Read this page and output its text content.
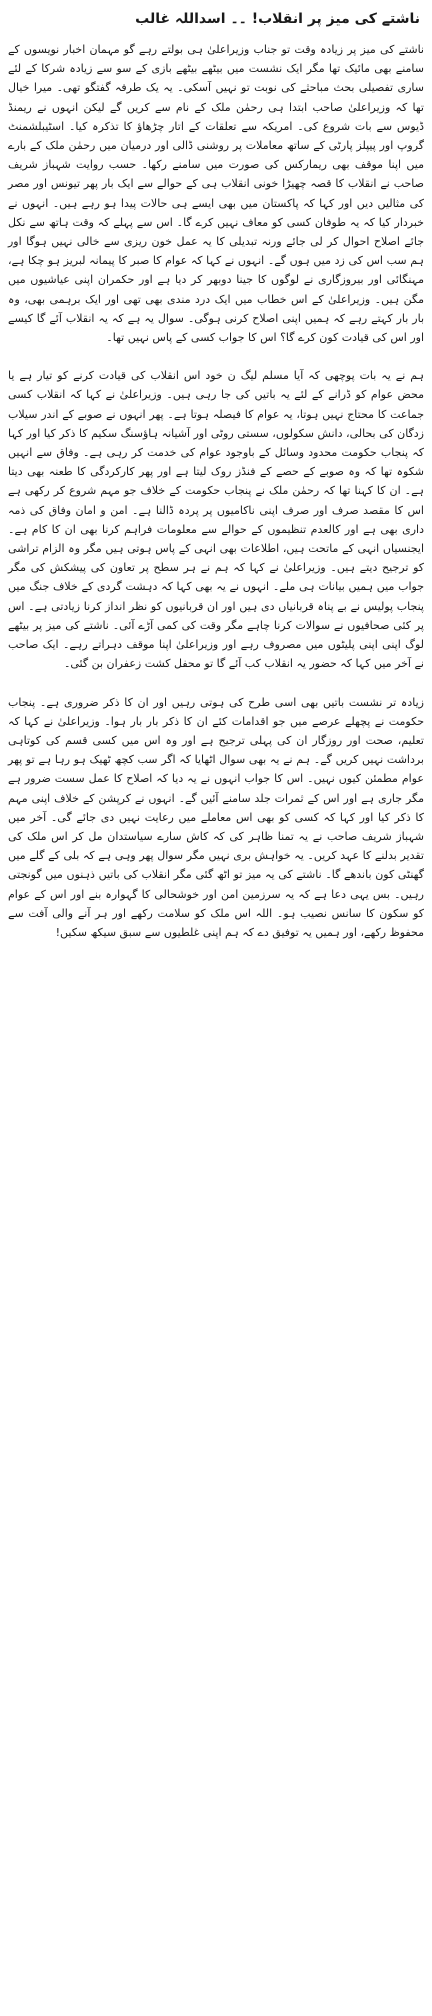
ناشتے کی میز پر انقلاب! ۔۔ اسداللہ غالب

ناشتے کی میز پر زیادہ وقت تو جناب وزیراعلیٰ ہی بولتے رہے گو مہمان اخبار نویسوں کے سامنے بھی مائیک تھا مگر ایک نشست میں بیٹھے بیٹھے بازی کے سو سے زیادہ شرکا کے لئے ساری تفصیلی بحث مباحثے کی نوبت تو نہیں آسکی۔ یہ یک طرفہ گفتگو تھی۔ میرا خیال تھا کہ وزیراعلیٰ صاحب ابتدا ہی رحمٰن ملک کے نام سے کریں گے لیکن انہوں نے ریمنڈ ڈیوس سے بات شروع کی۔ امریکہ سے تعلقات کے اتار چڑھاؤ کا تذکرہ کیا۔ اسٹیبلشمنٹ گروپ اور پیپلز پارٹی کے ساتھ معاملات پر روشنی ڈالی اور درمیان میں رحمٰن ملک کے بارے میں اپنا موقف بھی ریمارکس کی صورت میں سامنے رکھا۔ حسب روایت شہباز شریف صاحب نے انقلاب کا قصہ چھیڑا خونی انقلاب ہی کے حوالے سے ایک بار پھر تیونس اور مصر کی مثالیں دیں اور کہا کہ پاکستان میں بھی ایسے ہی حالات پیدا ہو رہے ہیں۔ انہوں نے خبردار کیا کہ یہ طوفان کسی کو معاف نہیں کرے گا۔ اس سے پہلے کہ وقت ہاتھ سے نکل جائے اصلاح احوال کر لی جائے ورنہ تبدیلی کا یہ عمل خون ریزی سے خالی نہیں ہوگا اور ہم سب اس کی زد میں ہوں گے۔ انہوں نے کہا کہ عوام کا صبر کا پیمانہ لبریز ہو چکا ہے، مہنگائی اور بیروزگاری نے لوگوں کا جینا دوبھر کر دیا ہے اور حکمران اپنی عیاشیوں میں مگن ہیں۔ وزیراعلیٰ کے اس خطاب میں ایک درد مندی بھی تھی اور ایک برہمی بھی، وہ بار بار کہتے رہے کہ ہمیں اپنی اصلاح کرنی ہوگی۔ سوال یہ ہے کہ یہ انقلاب آئے گا کیسے اور اس کی قیادت کون کرے گا؟ اس کا جواب کسی کے پاس نہیں تھا۔

ہم نے یہ بات پوچھی کہ آیا مسلم لیگ ن خود اس انقلاب کی قیادت کرنے کو تیار ہے یا محض عوام کو ڈرانے کے لئے یہ باتیں کی جا رہی ہیں۔ وزیراعلیٰ نے کہا کہ انقلاب کسی جماعت کا محتاج نہیں ہوتا، یہ عوام کا فیصلہ ہوتا ہے۔ پھر انہوں نے صوبے کے اندر سیلاب زدگان کی بحالی، دانش سکولوں، سستی روٹی اور آشیانہ ہاؤسنگ سکیم کا ذکر کیا اور کہا کہ پنجاب حکومت محدود وسائل کے باوجود عوام کی خدمت کر رہی ہے۔ وفاق سے انہیں شکوہ تھا کہ وہ صوبے کے حصے کے فنڈز روک لیتا ہے اور پھر کارکردگی کا طعنہ بھی دیتا ہے۔ ان کا کہنا تھا کہ رحمٰن ملک نے پنجاب حکومت کے خلاف جو مہم شروع کر رکھی ہے اس کا مقصد صرف اور صرف اپنی ناکامیوں پر پردہ ڈالنا ہے۔ امن و امان وفاق کی ذمہ داری بھی ہے اور کالعدم تنظیموں کے حوالے سے معلومات فراہم کرنا بھی ان کا کام ہے۔ ایجنسیاں انہی کے ماتحت ہیں، اطلاعات بھی انہی کے پاس ہوتی ہیں مگر وہ الزام تراشی کو ترجیح دیتے ہیں۔ وزیراعلیٰ نے کہا کہ ہم نے ہر سطح پر تعاون کی پیشکش کی مگر جواب میں ہمیں بیانات ہی ملے۔ انہوں نے یہ بھی کہا کہ دہشت گردی کے خلاف جنگ میں پنجاب پولیس نے بے پناہ قربانیاں دی ہیں اور ان قربانیوں کو نظر انداز کرنا زیادتی ہے۔ اس پر کئی صحافیوں نے سوالات کرنا چاہے مگر وقت کی کمی آڑے آئی۔ ناشتے کی میز پر بیٹھے لوگ اپنی اپنی پلیٹوں میں مصروف رہے اور وزیراعلیٰ اپنا موقف دہراتے رہے۔ ایک صاحب نے آخر میں کہا کہ حضور یہ انقلاب کب آئے گا تو محفل کشت زعفران بن گئی۔

زیادہ تر نشست باتیں بھی اسی طرح کی ہوتی رہیں اور ان کا ذکر ضروری ہے۔ پنجاب حکومت نے پچھلے عرصے میں جو اقدامات کئے ان کا ذکر بار بار ہوا۔ وزیراعلیٰ نے کہا کہ تعلیم، صحت اور روزگار ان کی پہلی ترجیح ہے اور وہ اس میں کسی قسم کی کوتاہی برداشت نہیں کریں گے۔ ہم نے یہ بھی سوال اٹھایا کہ اگر سب کچھ ٹھیک ہو رہا ہے تو پھر عوام مطمئن کیوں نہیں۔ اس کا جواب انہوں نے یہ دیا کہ اصلاح کا عمل سست ضرور ہے مگر جاری ہے اور اس کے ثمرات جلد سامنے آئیں گے۔ انہوں نے کرپشن کے خلاف اپنی مہم کا ذکر کیا اور کہا کہ کسی کو بھی اس معاملے میں رعایت نہیں دی جائے گی۔ آخر میں شہباز شریف صاحب نے یہ تمنا ظاہر کی کہ کاش سارے سیاستدان مل کر اس ملک کی تقدیر بدلنے کا عہد کریں۔ یہ خواہش بری نہیں مگر سوال پھر وہی ہے کہ بلی کے گلے میں گھنٹی کون باندھے گا۔ ناشتے کی یہ میز تو اٹھ گئی مگر انقلاب کی باتیں ذہنوں میں گونجتی رہیں۔ بس یہی دعا ہے کہ یہ سرزمین امن اور خوشحالی کا گہوارہ بنے اور اس کے عوام کو سکون کا سانس نصیب ہو۔ اللہ اس ملک کو سلامت رکھے اور ہر آنے والی آفت سے محفوظ رکھے، اور ہمیں یہ توفیق دے کہ ہم اپنی غلطیوں سے سبق سیکھ سکیں!
